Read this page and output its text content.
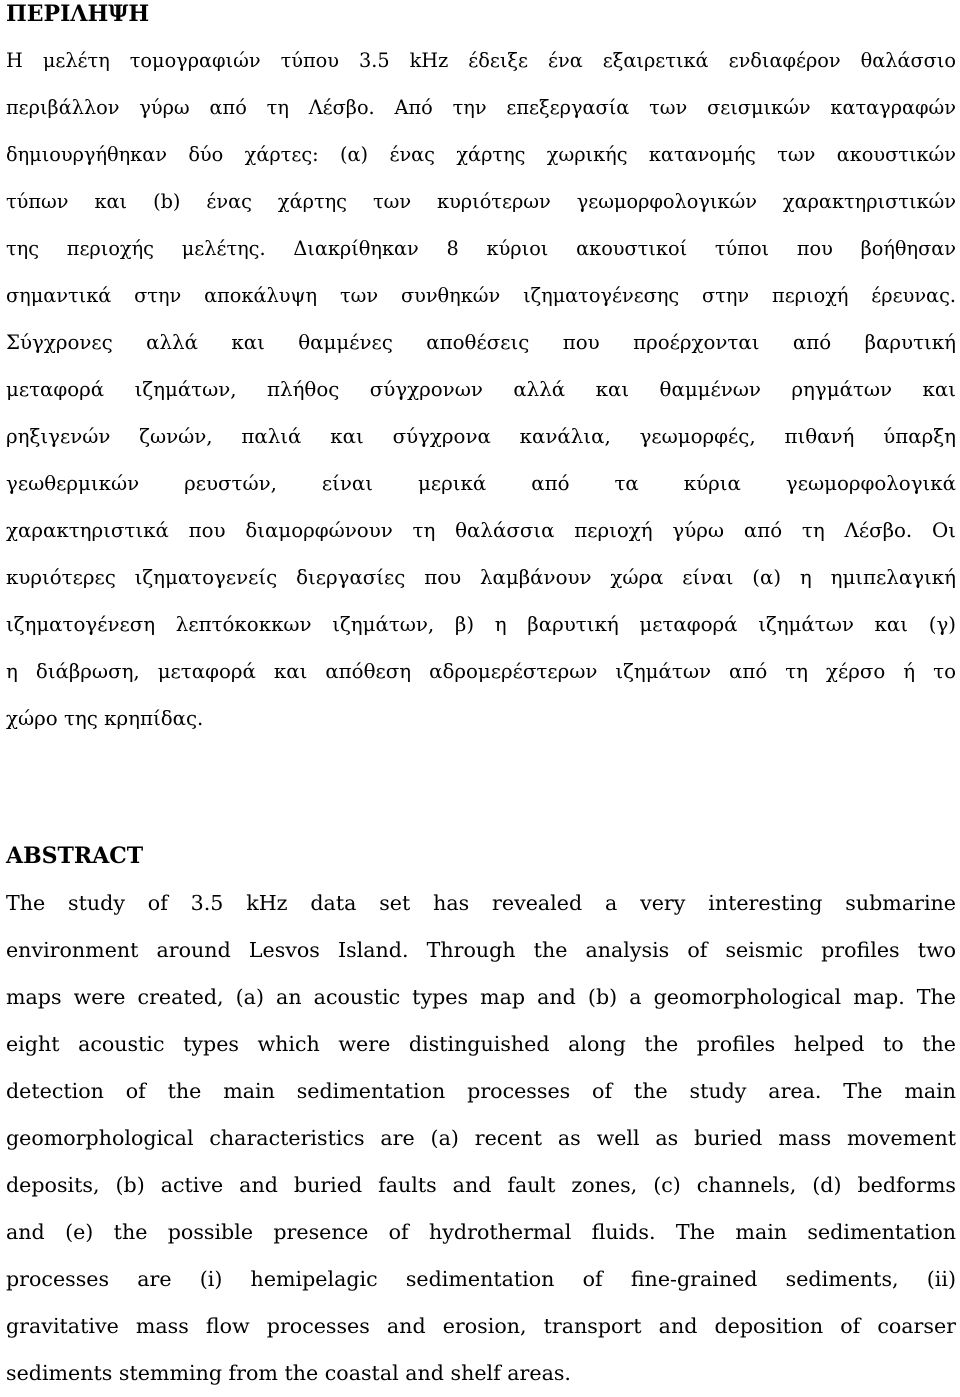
ΠΕΡΙΛΗΨΗ
Η μελέτη τομογραφιών τύπου 3.5 kHz έδειξε ένα εξαιρετικά ενδιαφέρον θαλάσσιο
περιβάλλον γύρω από τη Λέσβο. Από την επεξεργασία των σεισμικών καταγραφών
δημιουργήθηκαν δύο χάρτες: (α) ένας χάρτης χωρικής κατανομής των ακουστικών
τύπων και (b) ένας χάρτης των κυριότερων γεωμορφολογικών χαρακτηριστικών
της περιοχής μελέτης. Διακρίθηκαν 8 κύριοι ακουστικοί τύποι που βοήθησαν
σημαντικά στην αποκάλυψη των συνθηκών ιζηματογένεσης στην περιοχή έρευνας.
Σύγχρονες αλλά και θαμμένες αποθέσεις που προέρχονται από βαρυτική
μεταφορά ιζημάτων, πλήθος σύγχρονων αλλά και θαμμένων ρηγμάτων και
ρηξιγενών ζωνών, παλιά και σύγχρονα κανάλια, γεωμορφές, πιθανή ύπαρξη
γεωθερμικών ρευστών, είναι μερικά από τα κύρια γεωμορφολογικά
χαρακτηριστικά που διαμορφώνουν τη θαλάσσια περιοχή γύρω από τη Λέσβο. Οι
κυριότερες ιζηματογενείς διεργασίες που λαμβάνουν χώρα είναι (α) η ημιπελαγική
ιζηματογένεση λεπτόκοκκων ιζημάτων, β) η βαρυτική μεταφορά ιζημάτων και (γ)
η διάβρωση, μεταφορά και απόθεση αδρομερέστερων ιζημάτων από τη χέρσο ή το
χώρο της κρηπίδας.
ABSTRACT
The study of 3.5 kHz data set has revealed a very interesting submarine
environment around Lesvos Island. Through the analysis of seismic profiles two
maps were created, (a) an acoustic types map and (b) a geomorphological map. The
eight acoustic types which were distinguished along the profiles helped to the
detection of the main sedimentation processes of the study area. The main
geomorphological characteristics are (a) recent as well as buried mass movement
deposits, (b) active and buried faults and fault zones, (c) channels, (d) bedforms
and (e) the possible presence of hydrothermal fluids. The main sedimentation
processes are (i) hemipelagic sedimentation of fine-grained sediments, (ii)
gravitative mass flow processes and erosion, transport and deposition of coarser
sediments stemming from the coastal and shelf areas.
